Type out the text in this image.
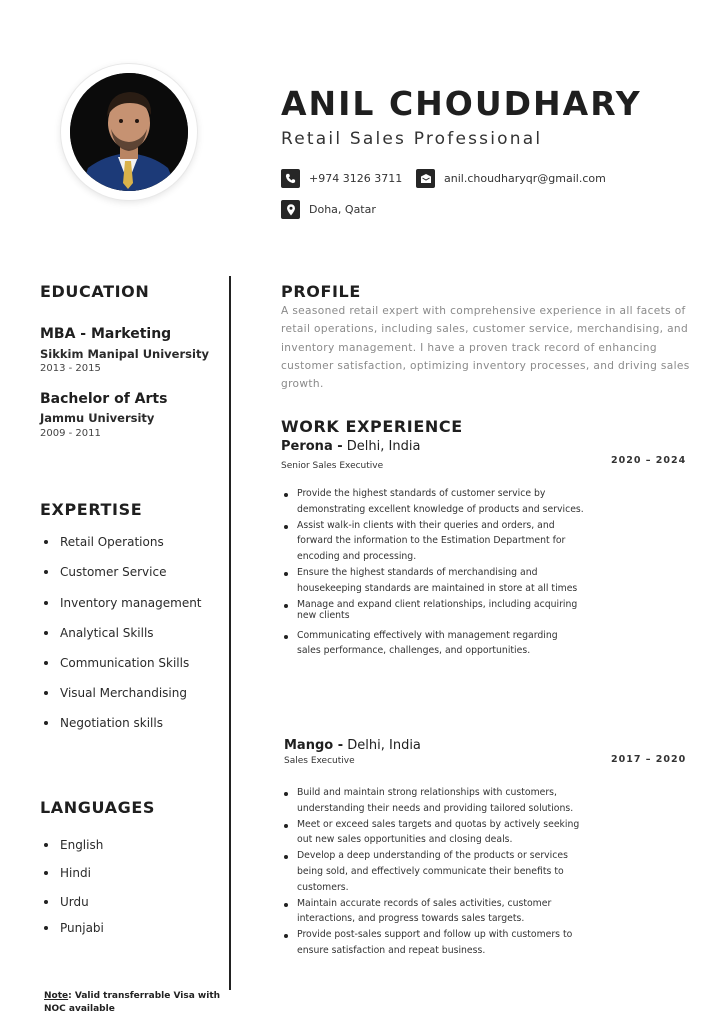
ANIL CHOUDHARY
Retail Sales Professional
+974 3126 3711	anil.choudharyqr@gmail.com
Doha, Qatar
EDUCATION
MBA - Marketing
Sikkim Manipal University
2013 - 2015
Bachelor of Arts
Jammu University
2009 - 2011
EXPERTISE
Retail Operations
Customer Service
Inventory management
Analytical Skills
Communication Skills
Visual Merchandising
Negotiation skills
LANGUAGES
English
Hindi
Urdu
Punjabi
Note: Valid transferrable Visa with NOC available
PROFILE
A seasoned retail expert with comprehensive experience in all facets of retail operations, including sales, customer service, merchandising, and inventory management. I have a proven track record of enhancing customer satisfaction, optimizing inventory processes, and driving sales growth.
WORK EXPERIENCE
Perona - Delhi, India
Senior Sales Executive	2020 – 2024
Provide the highest standards of customer service by demonstrating excellent knowledge of products and services.
Assist walk-in clients with their queries and orders, and forward the information to the Estimation Department for encoding and processing.
Ensure the highest standards of merchandising and housekeeping standards are maintained in store at all times
Manage and expand client relationships, including acquiring new clients
Communicating effectively with management regarding sales performance, challenges, and opportunities.
Mango - Delhi, India
Sales Executive	2017 – 2020
Build and maintain strong relationships with customers, understanding their needs and providing tailored solutions.
Meet or exceed sales targets and quotas by actively seeking out new sales opportunities and closing deals.
Develop a deep understanding of the products or services being sold, and effectively communicate their benefits to customers.
Maintain accurate records of sales activities, customer interactions, and progress towards sales targets.
Provide post-sales support and follow up with customers to ensure satisfaction and repeat business.
